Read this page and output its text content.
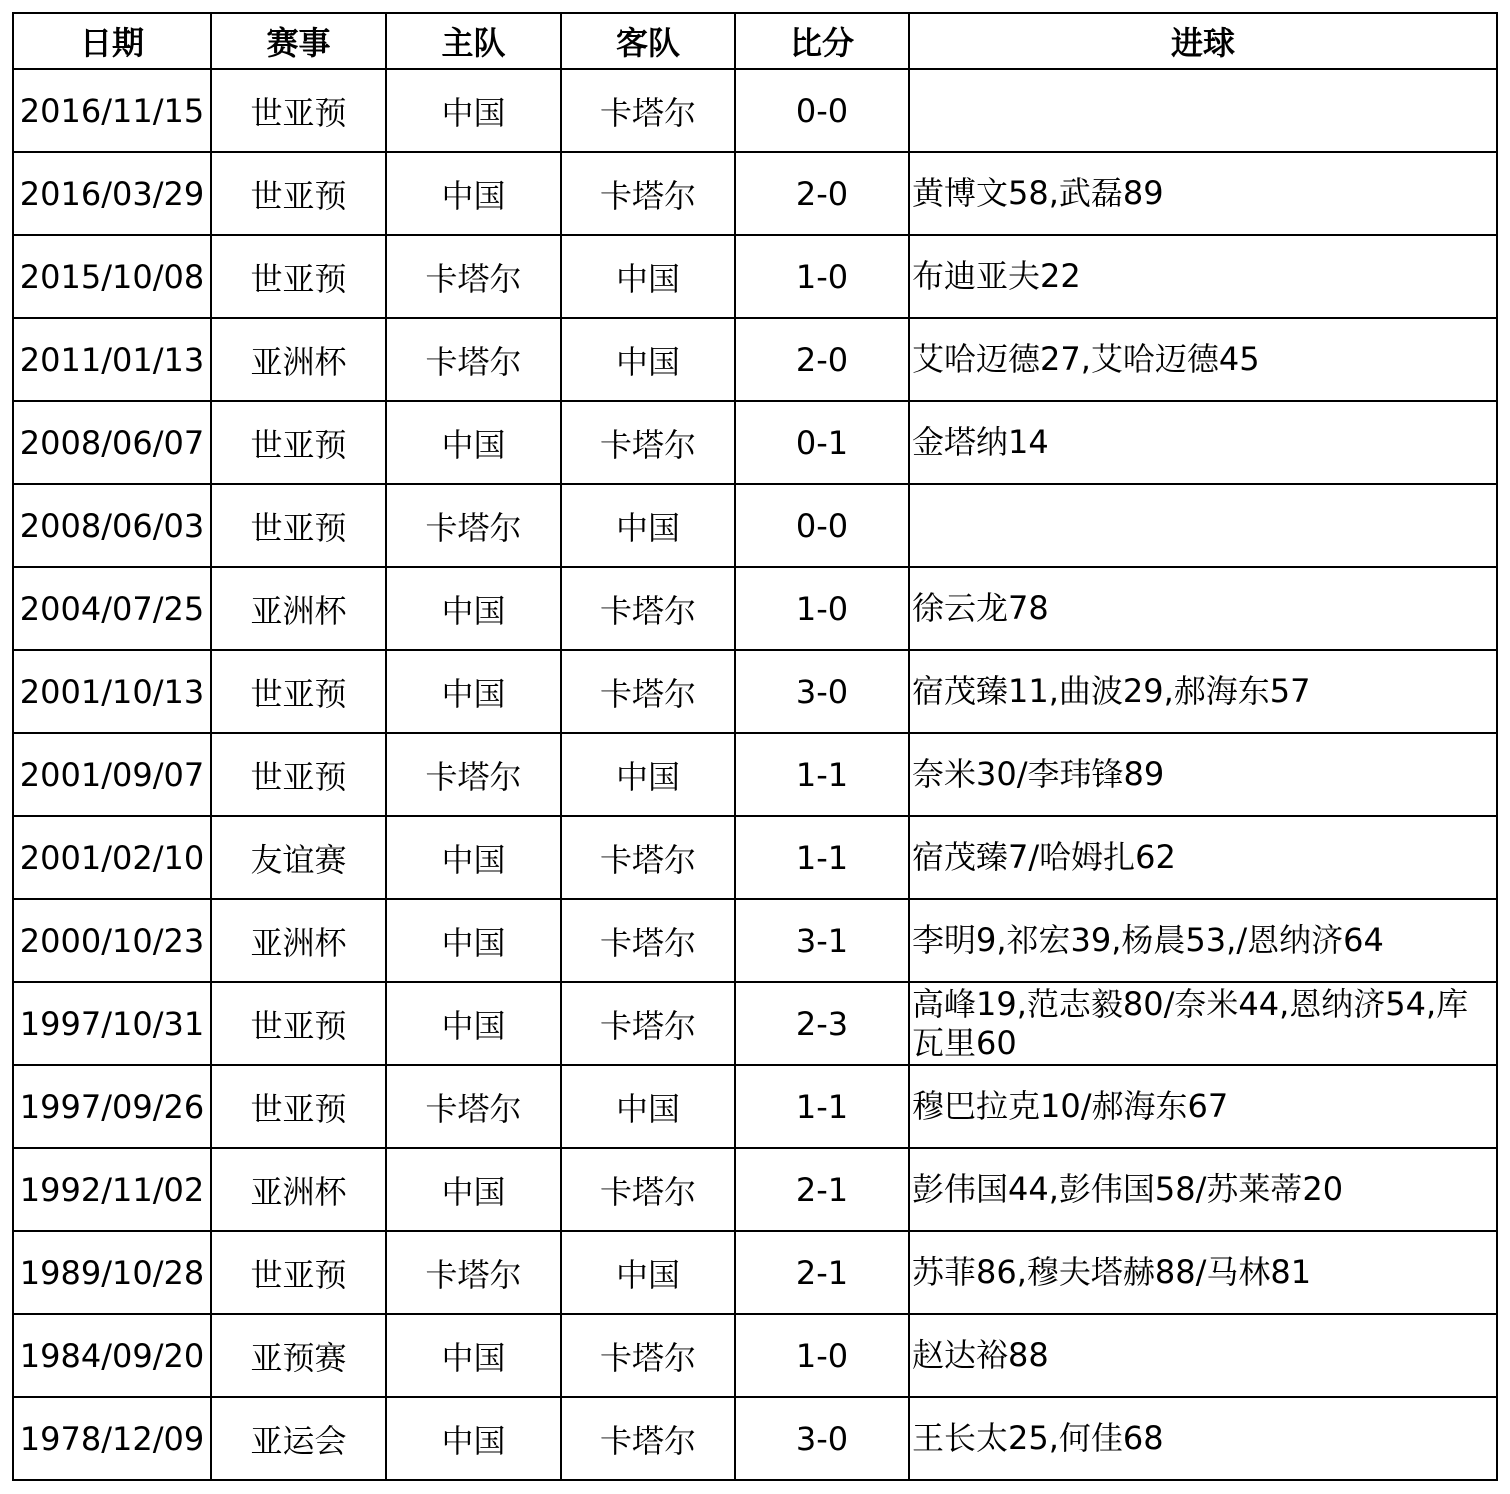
日期	赛事	主队	客队	比分	进球
2016/11/15	世亚预	中国	卡塔尔	0-0	
2016/03/29	世亚预	中国	卡塔尔	2-0	黄博文58,武磊89
2015/10/08	世亚预	卡塔尔	中国	1-0	布迪亚夫22
2011/01/13	亚洲杯	卡塔尔	中国	2-0	艾哈迈德27,艾哈迈德45
2008/06/07	世亚预	中国	卡塔尔	0-1	金塔纳14
2008/06/03	世亚预	卡塔尔	中国	0-0	
2004/07/25	亚洲杯	中国	卡塔尔	1-0	徐云龙78
2001/10/13	世亚预	中国	卡塔尔	3-0	宿茂臻11,曲波29,郝海东57
2001/09/07	世亚预	卡塔尔	中国	1-1	奈米30/李玮锋89
2001/02/10	友谊赛	中国	卡塔尔	1-1	宿茂臻7/哈姆扎62
2000/10/23	亚洲杯	中国	卡塔尔	3-1	李明9,祁宏39,杨晨53,/恩纳济64
1997/10/31	世亚预	中国	卡塔尔	2-3	高峰19,范志毅80/奈米44,恩纳济54,库瓦里60
1997/09/26	世亚预	卡塔尔	中国	1-1	穆巴拉克10/郝海东67
1992/11/02	亚洲杯	中国	卡塔尔	2-1	彭伟国44,彭伟国58/苏莱蒂20
1989/10/28	世亚预	卡塔尔	中国	2-1	苏菲86,穆夫塔赫88/马林81
1984/09/20	亚预赛	中国	卡塔尔	1-0	赵达裕88
1978/12/09	亚运会	中国	卡塔尔	3-0	王长太25,何佳68
